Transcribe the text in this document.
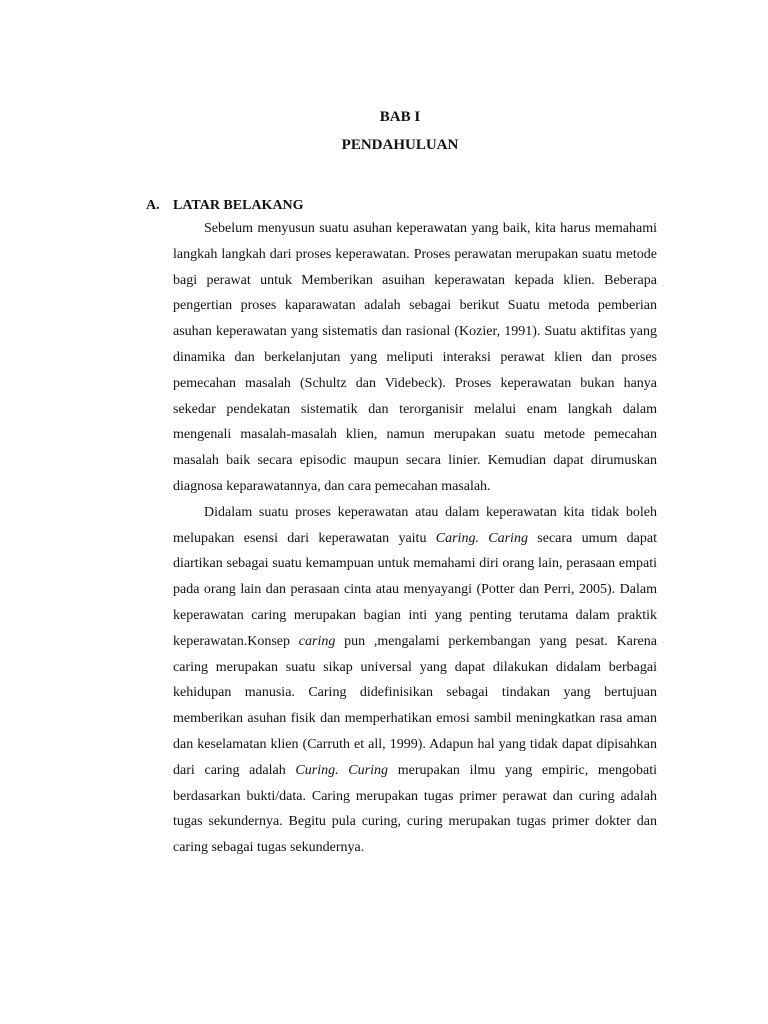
BAB I
PENDAHULUAN
A. LATAR BELAKANG

Sebelum menyusun suatu asuhan keperawatan yang baik, kita harus memahami langkah langkah dari proses keperawatan. Proses perawatan merupakan suatu metode bagi perawat untuk Memberikan asuihan keperawatan kepada klien. Beberapa pengertian proses kaparawatan adalah sebagai berikut Suatu metoda pemberian asuhan keperawatan yang sistematis dan rasional (Kozier, 1991). Suatu aktifitas yang dinamika dan berkelanjutan yang meliputi interaksi perawat klien dan proses pemecahan masalah (Schultz dan Videbeck). Proses keperawatan bukan hanya sekedar pendekatan sistematik dan terorganisir melalui enam langkah dalam mengenali masalah-masalah klien, namun merupakan suatu metode pemecahan masalah baik secara episodic maupun secara linier. Kemudian dapat dirumuskan diagnosa keparawatannya, dan cara pemecahan masalah.

Didalam suatu proses keperawatan atau dalam keperawatan kita tidak boleh melupakan esensi dari keperawatan yaitu Caring. Caring secara umum dapat diartikan sebagai suatu kemampuan untuk memahami diri orang lain, perasaan empati pada orang lain dan perasaan cinta atau menyayangi (Potter dan Perri, 2005). Dalam keperawatan caring merupakan bagian inti yang penting terutama dalam praktik keperawatan.Konsep caring pun ,mengalami perkembangan yang pesat. Karena caring merupakan suatu sikap universal yang dapat dilakukan didalam berbagai kehidupan manusia. Caring didefinisikan sebagai tindakan yang bertujuan memberikan asuhan fisik dan memperhatikan emosi sambil meningkatkan rasa aman dan keselamatan klien (Carruth et all, 1999). Adapun hal yang tidak dapat dipisahkan dari caring adalah Curing. Curing merupakan ilmu yang empiric, mengobati berdasarkan bukti/data. Caring merupakan tugas primer perawat dan curing adalah tugas sekundernya. Begitu pula curing, curing merupakan tugas primer dokter dan caring sebagai tugas sekundernya.
